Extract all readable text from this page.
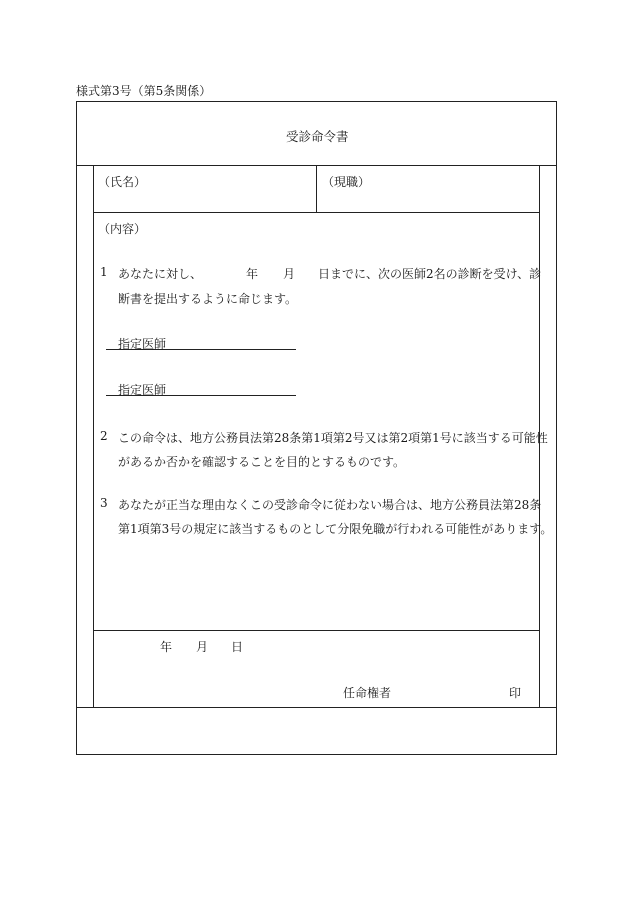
様式第3号（第5条関係）
受診命令書
（氏名）	（現職）
（内容）
1 あなたに対し、	年 月 日までに、次の医師2名の診断を受け、診
断書を提出するように命じます。
指定医師
指定医師
2 この命令は、地方公務員法第28条第1項第2号又は第2項第1号に該当する可能性
があるか否かを確認することを目的とするものです。
3 あなたが正当な理由なくこの受診命令に従わない場合は、地方公務員法第28条
第1項第3号の規定に該当するものとして分限免職が行われる可能性があります。
年 月 日
任命権者	印
